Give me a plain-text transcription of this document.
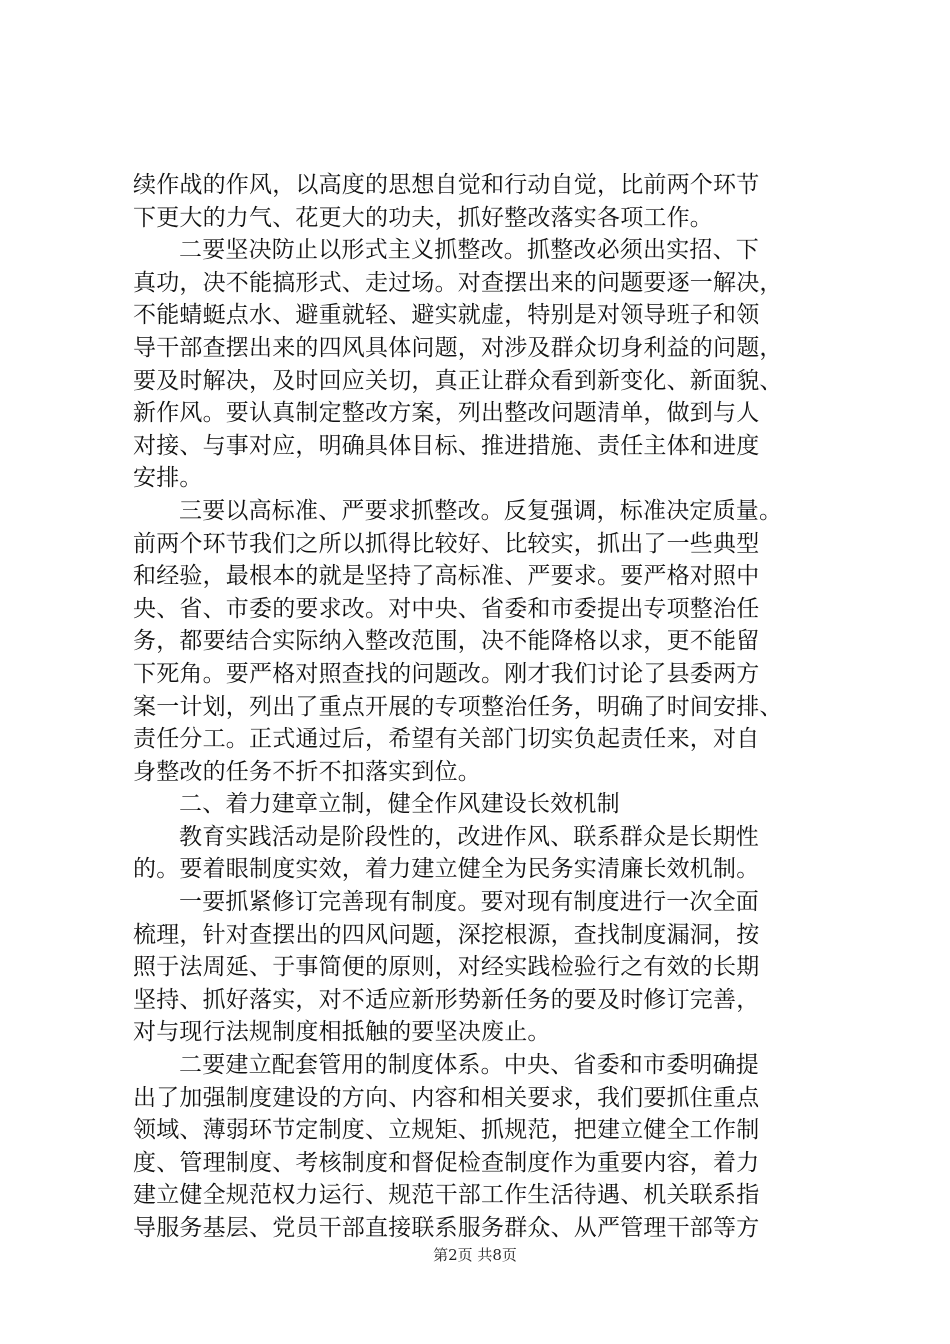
续作战的作风，以高度的思想自觉和行动自觉，比前两个环节
下更大的力气、花更大的功夫，抓好整改落实各项工作。
二要坚决防止以形式主义抓整改。抓整改必须出实招、下
真功，决不能搞形式、走过场。对查摆出来的问题要逐一解决，
不能蜻蜓点水、避重就轻、避实就虚，特别是对领导班子和领
导干部查摆出来的四风具体问题，对涉及群众切身利益的问题，
要及时解决，及时回应关切，真正让群众看到新变化、新面貌、
新作风。要认真制定整改方案，列出整改问题清单，做到与人
对接、与事对应，明确具体目标、推进措施、责任主体和进度
安排。
三要以高标准、严要求抓整改。反复强调，标准决定质量。
前两个环节我们之所以抓得比较好、比较实，抓出了一些典型
和经验，最根本的就是坚持了高标准、严要求。要严格对照中
央、省、市委的要求改。对中央、省委和市委提出专项整治任
务，都要结合实际纳入整改范围，决不能降格以求，更不能留
下死角。要严格对照查找的问题改。刚才我们讨论了县委两方
案一计划，列出了重点开展的专项整治任务，明确了时间安排、
责任分工。正式通过后，希望有关部门切实负起责任来，对自
身整改的任务不折不扣落实到位。
二、着力建章立制，健全作风建设长效机制
教育实践活动是阶段性的，改进作风、联系群众是长期性
的。要着眼制度实效，着力建立健全为民务实清廉长效机制。
一要抓紧修订完善现有制度。要对现有制度进行一次全面
梳理，针对查摆出的四风问题，深挖根源，查找制度漏洞，按
照于法周延、于事简便的原则，对经实践检验行之有效的长期
坚持、抓好落实，对不适应新形势新任务的要及时修订完善，
对与现行法规制度相抵触的要坚决废止。
二要建立配套管用的制度体系。中央、省委和市委明确提
出了加强制度建设的方向、内容和相关要求，我们要抓住重点
领域、薄弱环节定制度、立规矩、抓规范，把建立健全工作制
度、管理制度、考核制度和督促检查制度作为重要内容，着力
建立健全规范权力运行、规范干部工作生活待遇、机关联系指
导服务基层、党员干部直接联系服务群众、从严管理干部等方
第2页 共8页
